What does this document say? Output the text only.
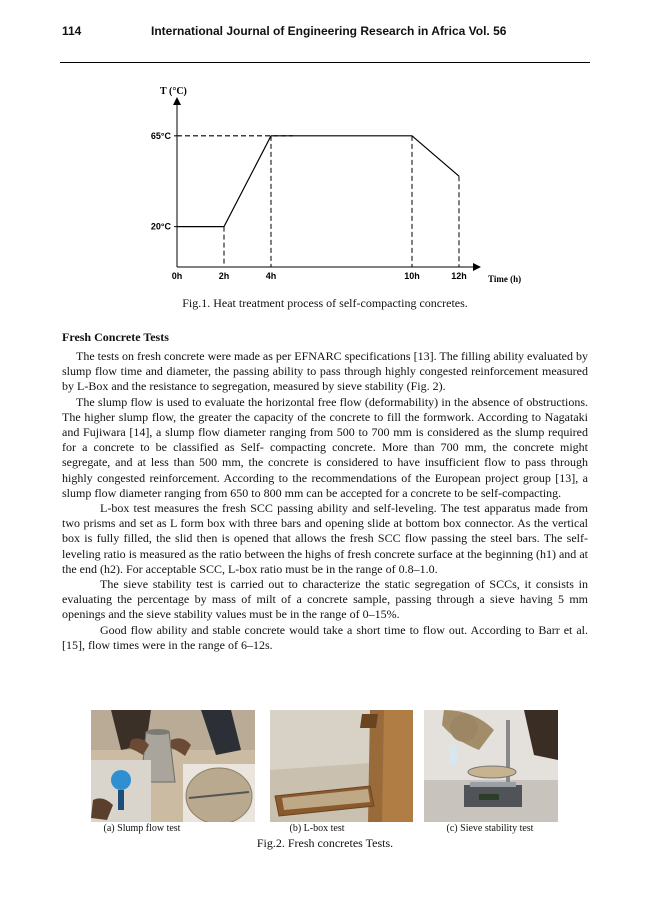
114	International Journal of Engineering Research in Africa Vol. 56
T (°C)
Time (h)
0h	2h	4h	10h	12h
20°C
65°C
Fig.1. Heat treatment process of self-compacting concretes.
Fresh Concrete Tests

The tests on fresh concrete were made as per EFNARC specifications [13]. The filling ability evaluated by slump flow time and diameter, the passing ability to pass through highly congested reinforcement measured by L-Box and the resistance to segregation, measured by sieve stability (Fig. 2).

The slump flow is used to evaluate the horizontal free flow (deformability) in the absence of obstructions. The higher slump flow, the greater the capacity of the concrete to fill the formwork. According to Nagataki and Fujiwara [14], a slump flow diameter ranging from 500 to 700 mm is considered as the slump required for a concrete to be classified as Self- compacting concrete. More than 700 mm, the concrete might segregate, and at less than 500 mm, the concrete is considered to have insufficient flow to pass through highly congested reinforcement. According to the recommendations of the European project group [13], a slump flow diameter ranging from 650 to 800 mm can be accepted for a concrete to be self-compacting.

L-box test measures the fresh SCC passing ability and self-leveling. The test apparatus made from two prisms and set as L form box with three bars and opening slide at bottom box connector. As the vertical box is fully filled, the slid then is opened that allows the fresh SCC flow passing the steel bars. The self-leveling ratio is measured as the ratio between the highs of fresh concrete surface at the beginning (h1) and at the end (h2). For acceptable SCC, L-box ratio must be in the range of 0.8–1.0.

The sieve stability test is carried out to characterize the static segregation of SCCs, it consists in evaluating the percentage by mass of milt of a concrete sample, passing through a sieve having 5 mm openings and the sieve stability values must be in the range of 0–15%.

Good flow ability and stable concrete would take a short time to flow out. According to Barr et al. [15], flow times were in the range of 6–12s.

(a) Slump flow test	(b) L-box test	(c) Sieve stability test
Fig.2. Fresh concretes Tests.
